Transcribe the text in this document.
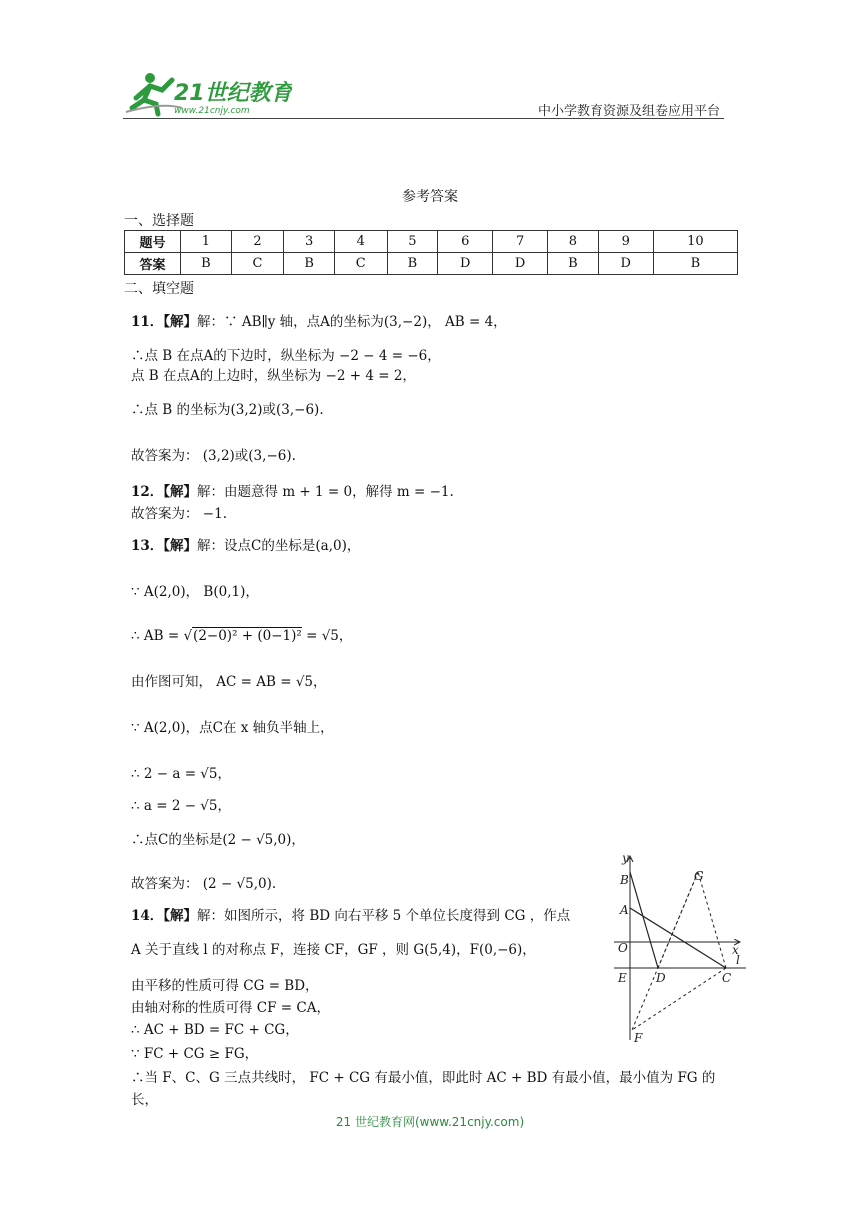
21世纪教育
www.21cnjy.com	中小学教育资源及组卷应用平台
参考答案
一、选择题
题号	1	2	3	4	5	6	7	8	9	10
答案	B	C	B	C	B	D	D	B	D	B
二、填空题
11．【解】解：∵ AB∥y 轴，点A的坐标为(3,−2)， AB = 4，
∴点 B 在点A的下边时，纵坐标为 −2 − 4 = −6，
点 B 在点A的上边时，纵坐标为 −2 + 4 = 2，
∴点 B 的坐标为(3,2)或(3,−6).
故答案为： (3,2)或(3,−6).
12．【解】解：由题意得 m + 1 = 0，解得 m = −1.
故答案为： −1.
13．【解】解：设点C的坐标是(a,0)，
∵ A(2,0)， B(0,1)，
∴ AB = √(2−0)² + (0−1)² = √5，
由作图可知， AC = AB = √5，
∵ A(2,0)，点C在 x 轴负半轴上，
∴ 2 − a = √5，
∴ a = 2 − √5，
∴点C的坐标是(2 − √5,0)，
故答案为： (2 − √5,0).
14．【解】解：如图所示，将 BD 向右平移 5 个单位长度得到 CG ，作点
A 关于直线 l 的对称点 F，连接 CF，GF ，则 G(5,4)，F(0,−6)，
由平移的性质可得 CG = BD，
由轴对称的性质可得 CF = CA，
∴ AC + BD = FC + CG，
∵ FC + CG ≥ FG，
∴当 F、C、G 三点共线时， FC + CG 有最小值，即此时 AC + BD 有最小值，最小值为 FG 的
长，
y
B
A
O	x
E D	C
l
G
F
21 世纪教育网(www.21cnjy.com)
